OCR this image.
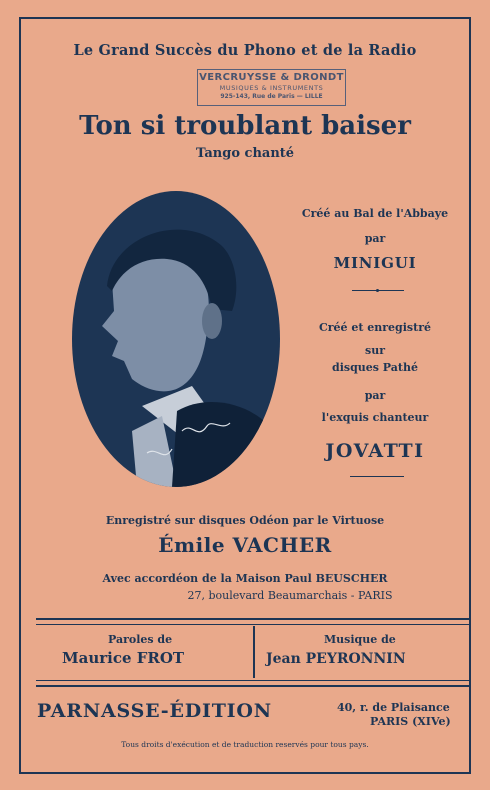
Le Grand Succès du Phono et de la Radio
VERCRUYSSE & DRONDT
MUSIQUES & INSTRUMENTS
925-143, Rue de Paris — LILLE
Ton si troublant baiser
Tango chanté
Créé au Bal de l'Abbaye
par
MINIGUI
Créé et enregistré
sur
disques Pathé
par
l'exquis chanteur
JOVATTI
Enregistré sur disques Odéon par le Virtuose
Émile VACHER
Avec accordéon de la Maison Paul BEUSCHER
27, boulevard Beaumarchais - PARIS
Paroles de
Maurice FROT
Musique de
Jean PEYRONNIN
PARNASSE-ÉDITION	40, r. de Plaisance
PARIS (XIVe)
Tous droits d'exécution et de traduction reservés pour tous pays.
